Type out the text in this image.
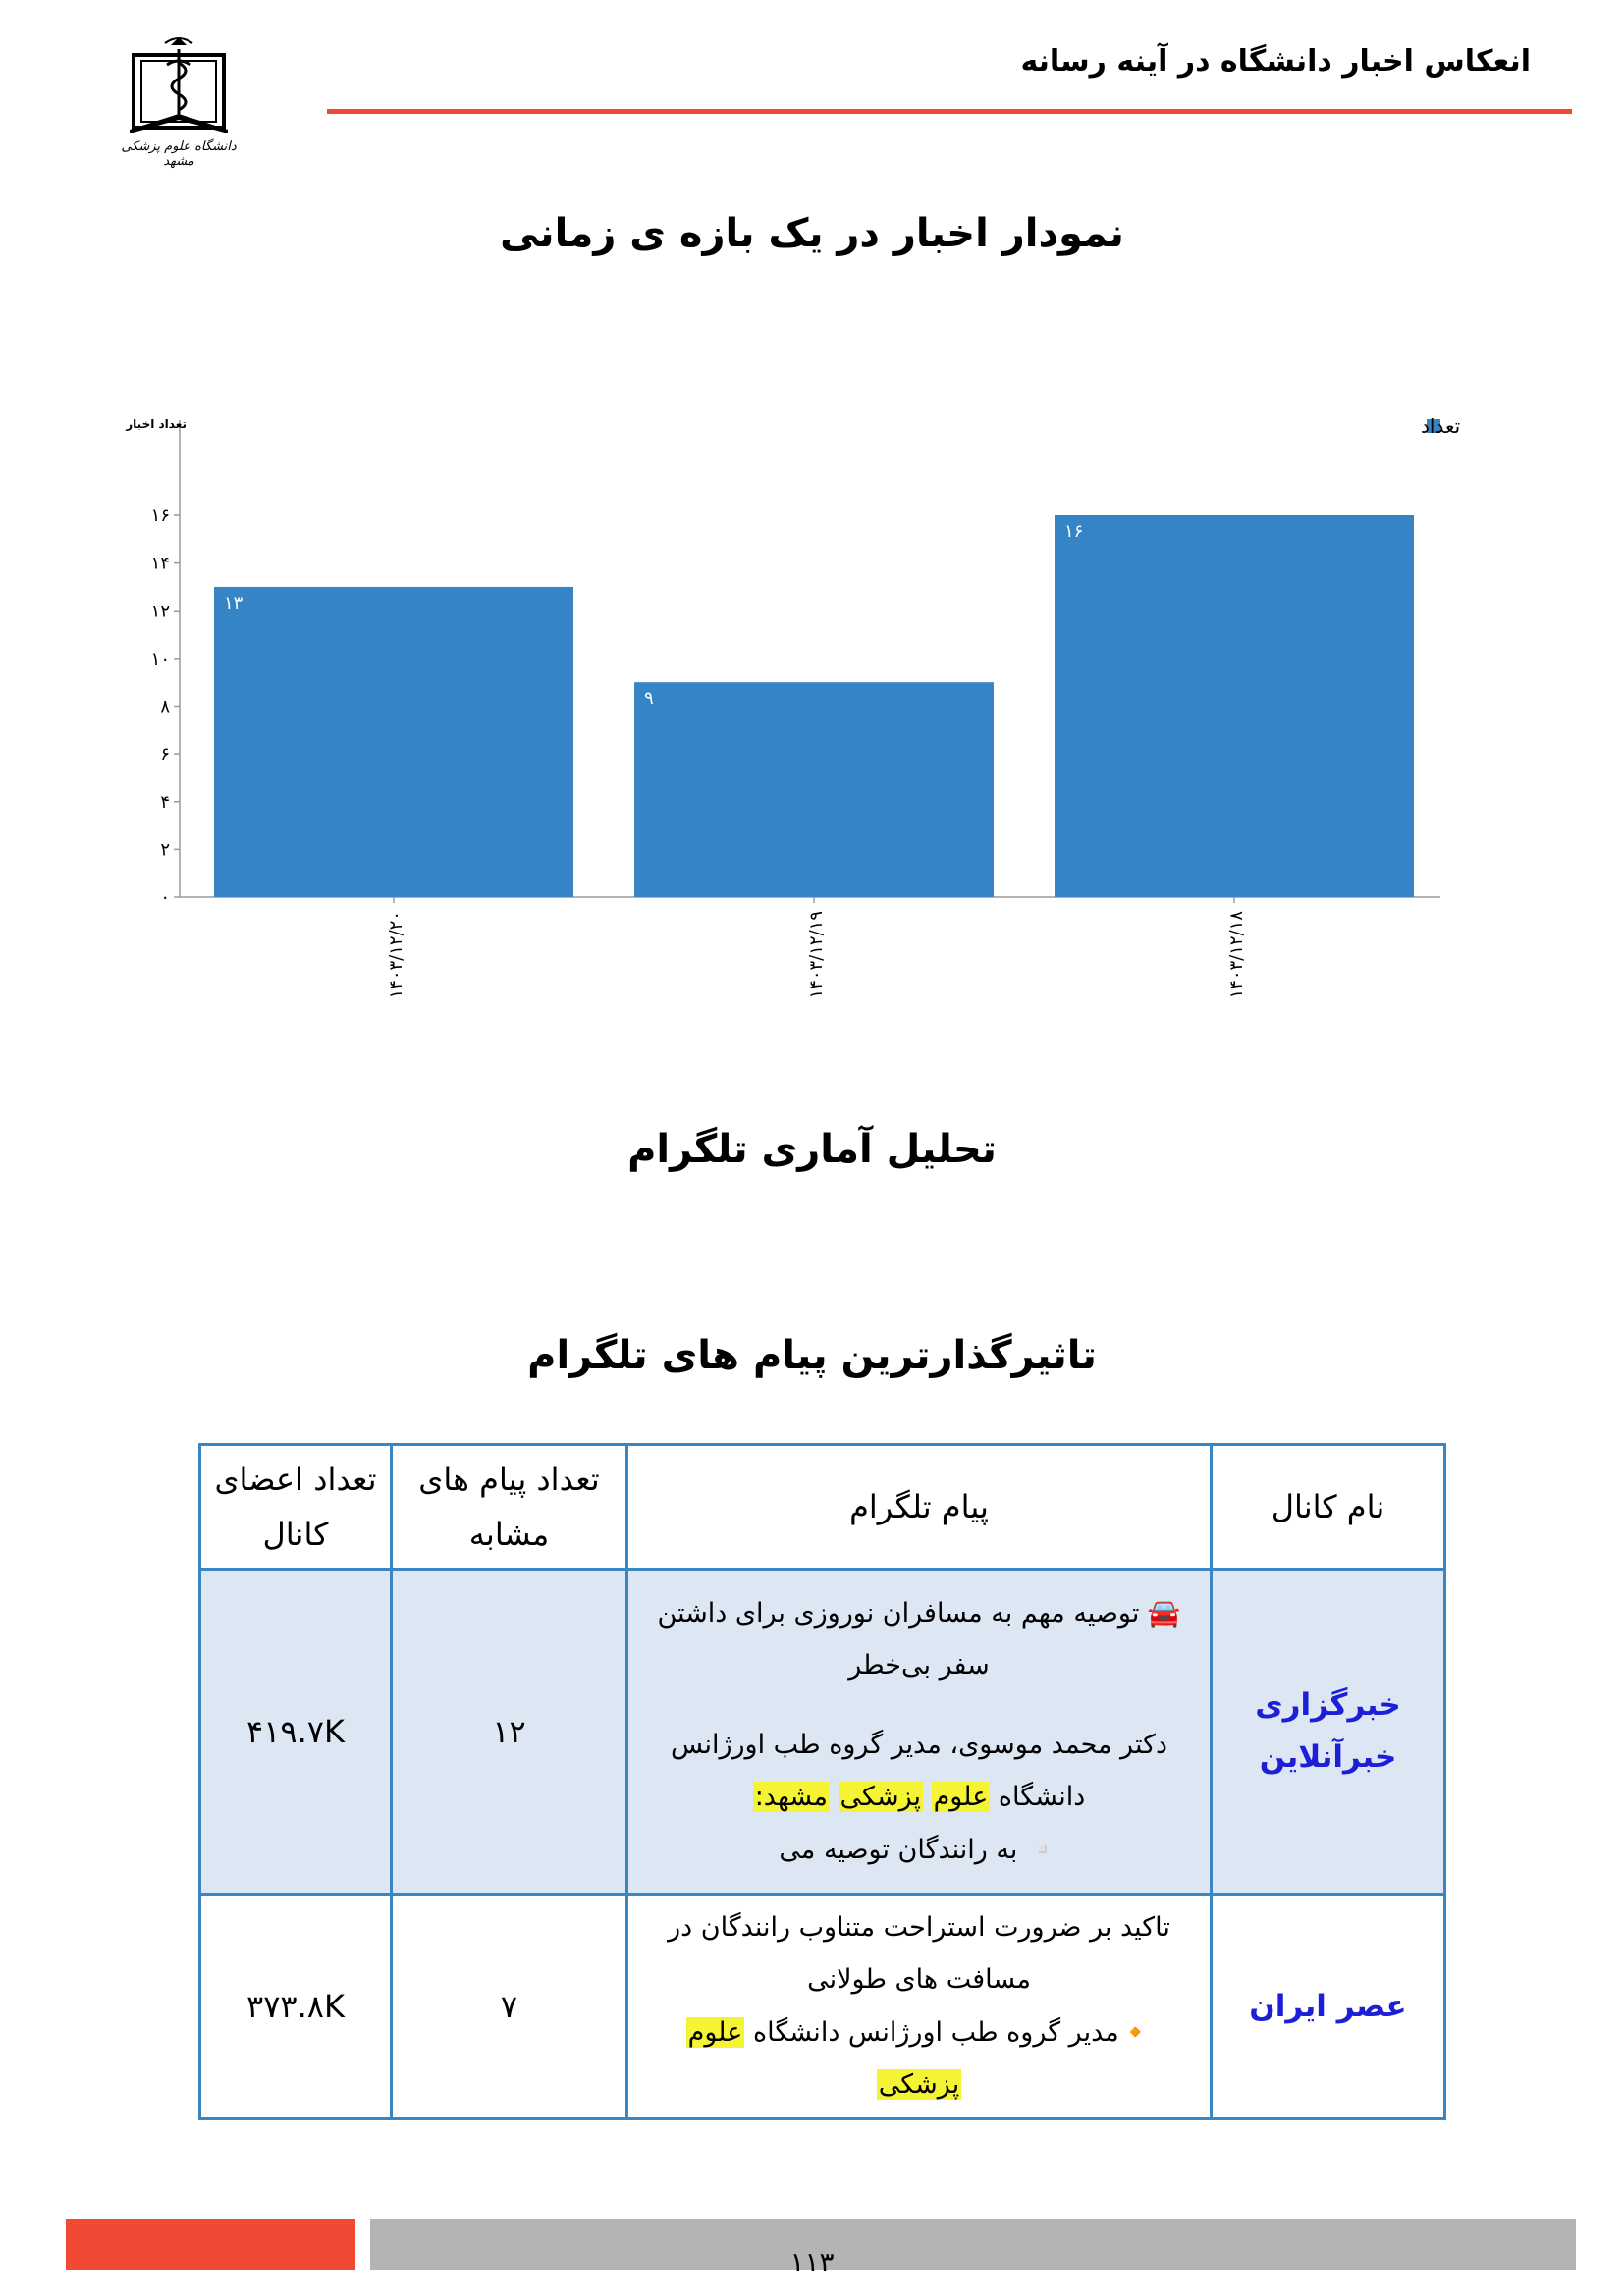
انعکاس اخبار دانشگاه در آینه رسانه
دانشگاه علوم پزشکی مشهد
نمودار اخبار در یک بازه ی زمانی
تعداد اخبار
۰
۲
۴
۶
۸
۱۰
۱۲
۱۴
۱۶
۱۳
۱۴۰۳/۱۲/۲۰
۹
۱۴۰۳/۱۲/۱۹
۱۶
۱۴۰۳/۱۲/۱۸
تعداد
تحلیل آماری تلگرام
تاثیرگذارترین پیام های تلگرام
نام کانال	پیام تلگرام	تعداد پیام های مشابه	تعداد اعضای کانال
خبرگزاری خبرآنلاین	🚘 توصیه مهم به مسافران نوروزی برای داشتن
سفر بی‌خطر
دکتر محمد موسوی، مدیر گروه طب اورژانس
دانشگاه علوم پزشکی مشهد:
▫️ به رانندگان توصیه می	۱۲	۴۱۹.۷K
عصر ایران	تاکید بر ضرورت استراحت متناوب رانندگان در
مسافت های طولانی
🔸مدیر گروه طب اورژانس دانشگاه علوم پزشکی	۷	۳۷۳.۸K
۱۱۳
